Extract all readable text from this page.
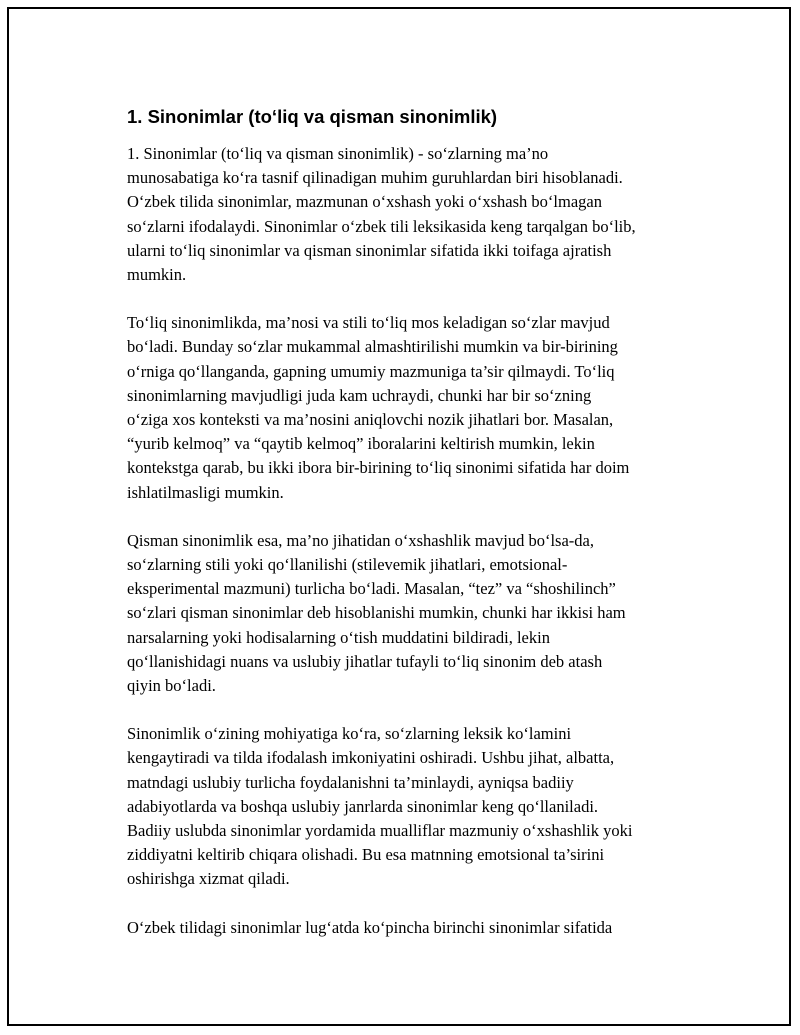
1. Sinonimlar (to‘liq va qisman sinonimlik)

1. Sinonimlar (to‘liq va qisman sinonimlik) - so‘zlarning ma’no
munosabatiga ko‘ra tasnif qilinadigan muhim guruhlardan biri hisoblanadi.
O‘zbek tilida sinonimlar, mazmunan o‘xshash yoki o‘xshash bo‘lmagan
so‘zlarni ifodalaydi. Sinonimlar o‘zbek tili leksikasida keng tarqalgan bo‘lib,
ularni to‘liq sinonimlar va qisman sinonimlar sifatida ikki toifaga ajratish
mumkin.

To‘liq sinonimlikda, ma’nosi va stili to‘liq mos keladigan so‘zlar mavjud
bo‘ladi. Bunday so‘zlar mukammal almashtirilishi mumkin va bir-birining
o‘rniga qo‘llanganda, gapning umumiy mazmuniga ta’sir qilmaydi. To‘liq
sinonimlarning mavjudligi juda kam uchraydi, chunki har bir so‘zning
o‘ziga xos konteksti va ma’nosini aniqlovchi nozik jihatlari bor. Masalan,
“yurib kelmoq” va “qaytib kelmoq” iboralarini keltirish mumkin, lekin
kontekstga qarab, bu ikki ibora bir-birining to‘liq sinonimi sifatida har doim
ishlatilmasligi mumkin.

Qisman sinonimlik esa, ma’no jihatidan o‘xshashlik mavjud bo‘lsa-da,
so‘zlarning stili yoki qo‘llanilishi (stilevemik jihatlari, emotsional-
eksperimental mazmuni) turlicha bo‘ladi. Masalan, “tez” va “shoshilinch”
so‘zlari qisman sinonimlar deb hisoblanishi mumkin, chunki har ikkisi ham
narsalarning yoki hodisalarning o‘tish muddatini bildiradi, lekin
qo‘llanishidagi nuans va uslubiy jihatlar tufayli to‘liq sinonim deb atash
qiyin bo‘ladi.

Sinonimlik o‘zining mohiyatiga ko‘ra, so‘zlarning leksik ko‘lamini
kengaytiradi va tilda ifodalash imkoniyatini oshiradi. Ushbu jihat, albatta,
matndagi uslubiy turlicha foydalanishni ta’minlaydi, ayniqsa badiiy
adabiyotlarda va boshqa uslubiy janrlarda sinonimlar keng qo‘llaniladi.
Badiiy uslubda sinonimlar yordamida mualliflar mazmuniy o‘xshashlik yoki
ziddiyatni keltirib chiqara olishadi. Bu esa matnning emotsional ta’sirini
oshirishga xizmat qiladi.

O‘zbek tilidagi sinonimlar lug‘atda ko‘pincha birinchi sinonimlar sifatida
